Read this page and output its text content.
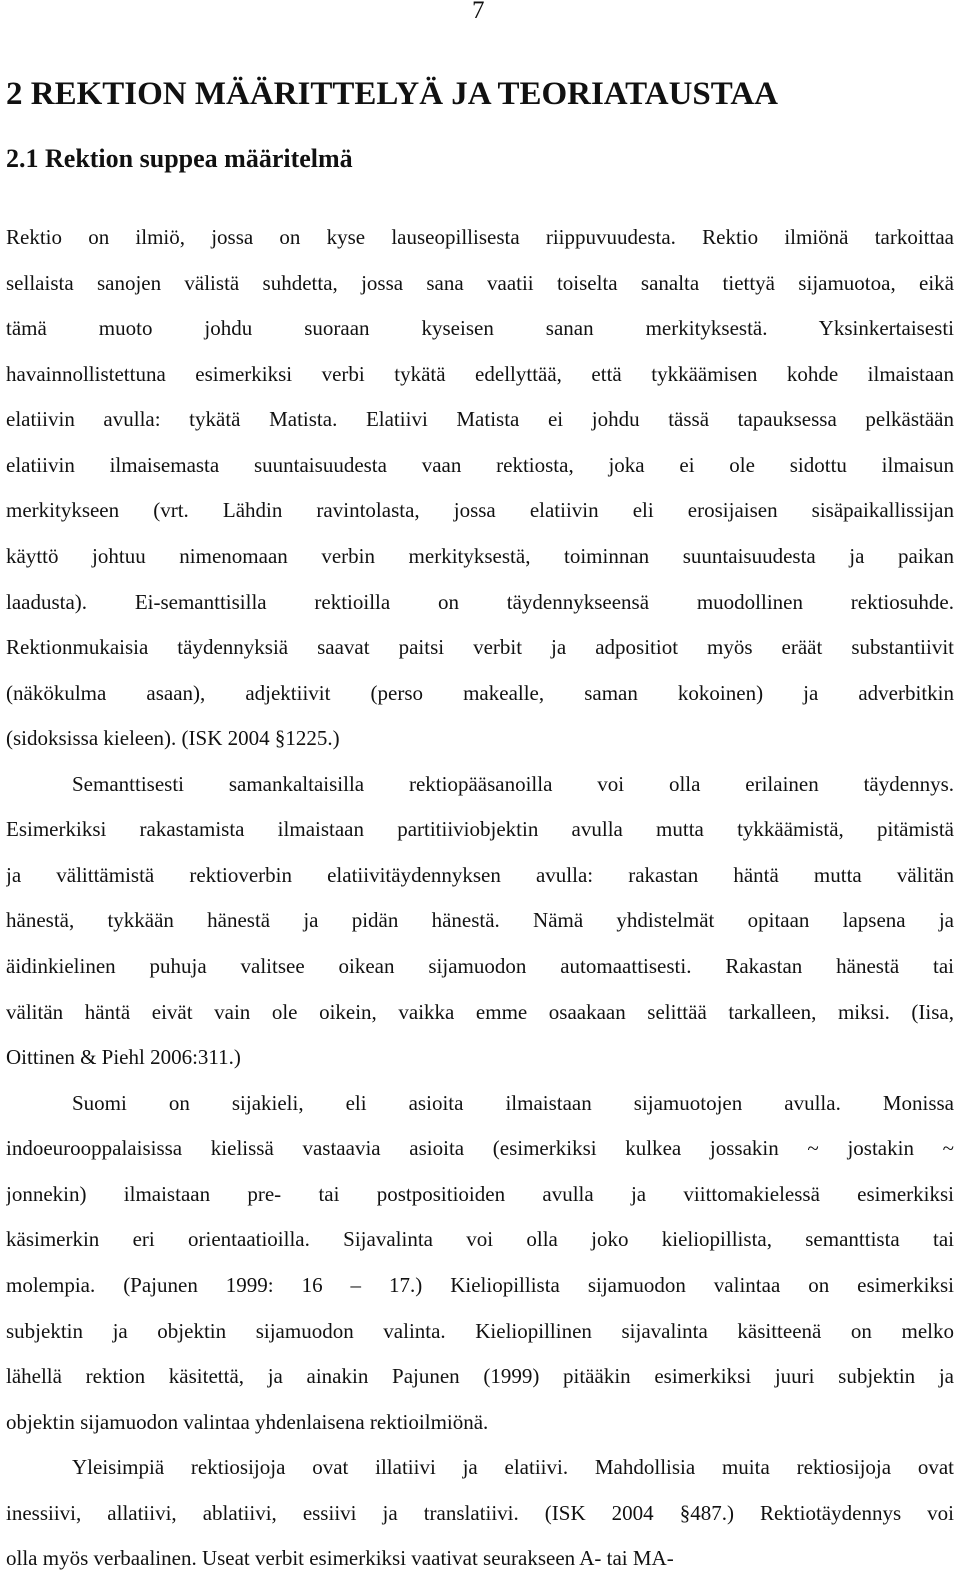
7
2 REKTION MÄÄRITTELYÄ JA TEORIATAUSTAA
2.1 Rektion suppea määritelmä
Rektio on ilmiö, jossa on kyse lauseopillisesta riippuvuudesta. Rektio ilmiönä tarkoittaa
sellaista sanojen välistä suhdetta, jossa sana vaatii toiselta sanalta tiettyä sijamuotoa, eikä
tämä muoto johdu suoraan kyseisen sanan merkityksestä. Yksinkertaisesti
havainnollistettuna esimerkiksi verbi tykätä edellyttää, että tykkäämisen kohde ilmaistaan
elatiivin avulla: tykätä Matista. Elatiivi Matista ei johdu tässä tapauksessa pelkästään
elatiivin ilmaisemasta suuntaisuudesta vaan rektiosta, joka ei ole sidottu ilmaisun
merkitykseen (vrt. Lähdin ravintolasta, jossa elatiivin eli erosijaisen sisäpaikallissijan
käyttö johtuu nimenomaan verbin merkityksestä, toiminnan suuntaisuudesta ja paikan
laadusta). Ei-semanttisilla rektioilla on täydennykseensä muodollinen rektiosuhde.
Rektionmukaisia täydennyksiä saavat paitsi verbit ja adpositiot myös eräät substantiivit
(näkökulma asaan), adjektiivit (perso makealle, saman kokoinen) ja adverbitkin
(sidoksissa kieleen). (ISK 2004 §1225.)
Semanttisesti samankaltaisilla rektiopääsanoilla voi olla erilainen täydennys.
Esimerkiksi rakastamista ilmaistaan partitiiviobjektin avulla mutta tykkäämistä, pitämistä
ja välittämistä rektioverbin elatiivitäydennyksen avulla: rakastan häntä mutta välitän
hänestä, tykkään hänestä ja pidän hänestä. Nämä yhdistelmät opitaan lapsena ja
äidinkielinen puhuja valitsee oikean sijamuodon automaattisesti. Rakastan hänestä tai
välitän häntä eivät vain ole oikein, vaikka emme osaakaan selittää tarkalleen, miksi. (Iisa,
Oittinen & Piehl 2006:311.)
Suomi on sijakieli, eli asioita ilmaistaan sijamuotojen avulla. Monissa
indoeurooppalaisissa kielissä vastaavia asioita (esimerkiksi kulkea jossakin ~ jostakin ~
jonnekin) ilmaistaan pre- tai postpositioiden avulla ja viittomakielessä esimerkiksi
käsimerkin eri orientaatioilla. Sijavalinta voi olla joko kieliopillista, semanttista tai
molempia. (Pajunen 1999: 16 – 17.) Kieliopillista sijamuodon valintaa on esimerkiksi
subjektin ja objektin sijamuodon valinta. Kieliopillinen sijavalinta käsitteenä on melko
lähellä rektion käsitettä, ja ainakin Pajunen (1999) pitääkin esimerkiksi juuri subjektin ja
objektin sijamuodon valintaa yhdenlaisena rektioilmiönä.
Yleisimpiä rektiosijoja ovat illatiivi ja elatiivi. Mahdollisia muita rektiosijoja ovat
inessiivi, allatiivi, ablatiivi, essiivi ja translatiivi. (ISK 2004 §487.) Rektiotäydennys voi
olla myös verbaalinen. Useat verbit esimerkiksi vaativat seurakseen A- tai MA-
